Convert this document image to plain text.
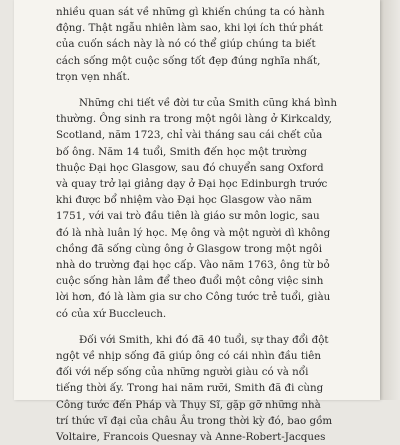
nhiều quan sát về những gì khiến chúng ta có hành
động. Thật ngẫu nhiên làm sao, khi lợi ích thứ phát
của cuốn sách này là nó có thể giúp chúng ta biết
cách sống một cuộc sống tốt đẹp đúng nghĩa nhất,
trọn vẹn nhất.
Những chi tiết về đời tư của Smith cũng khá bình
thường. Ông sinh ra trong một ngôi làng ở Kirkcaldy,
Scotland, năm 1723, chỉ vài tháng sau cái chết của
bố ông. Năm 14 tuổi, Smith đến học một trường
thuộc Đại học Glasgow, sau đó chuyển sang Oxford
và quay trở lại giảng dạy ở Đại học Edinburgh trước
khi được bổ nhiệm vào Đại học Glasgow vào năm
1751, với vai trò đầu tiên là giáo sư môn logic, sau
đó là nhà luân lý học. Mẹ ông và một người dì không
chồng đã sống cùng ông ở Glasgow trong một ngôi
nhà do trường đại học cấp. Vào năm 1763, ông từ bỏ
cuộc sống hàn lâm để theo đuổi một công việc sinh
lời hơn, đó là làm gia sư cho Công tước trẻ tuổi, giàu
có của xứ Buccleuch.
Đối với Smith, khi đó đã 40 tuổi, sự thay đổi đột
ngột về nhịp sống đã giúp ông có cái nhìn đầu tiên
đối với nếp sống của những người giàu có và nổi
tiếng thời ấy. Trong hai năm rưỡi, Smith đã đi cùng
Công tước đến Pháp và Thụy Sĩ, gặp gỡ những nhà
trí thức vĩ đại của châu Âu trong thời kỳ đó, bao gồm
Voltaire, Francois Quesnay và Anne-Robert-Jacques
